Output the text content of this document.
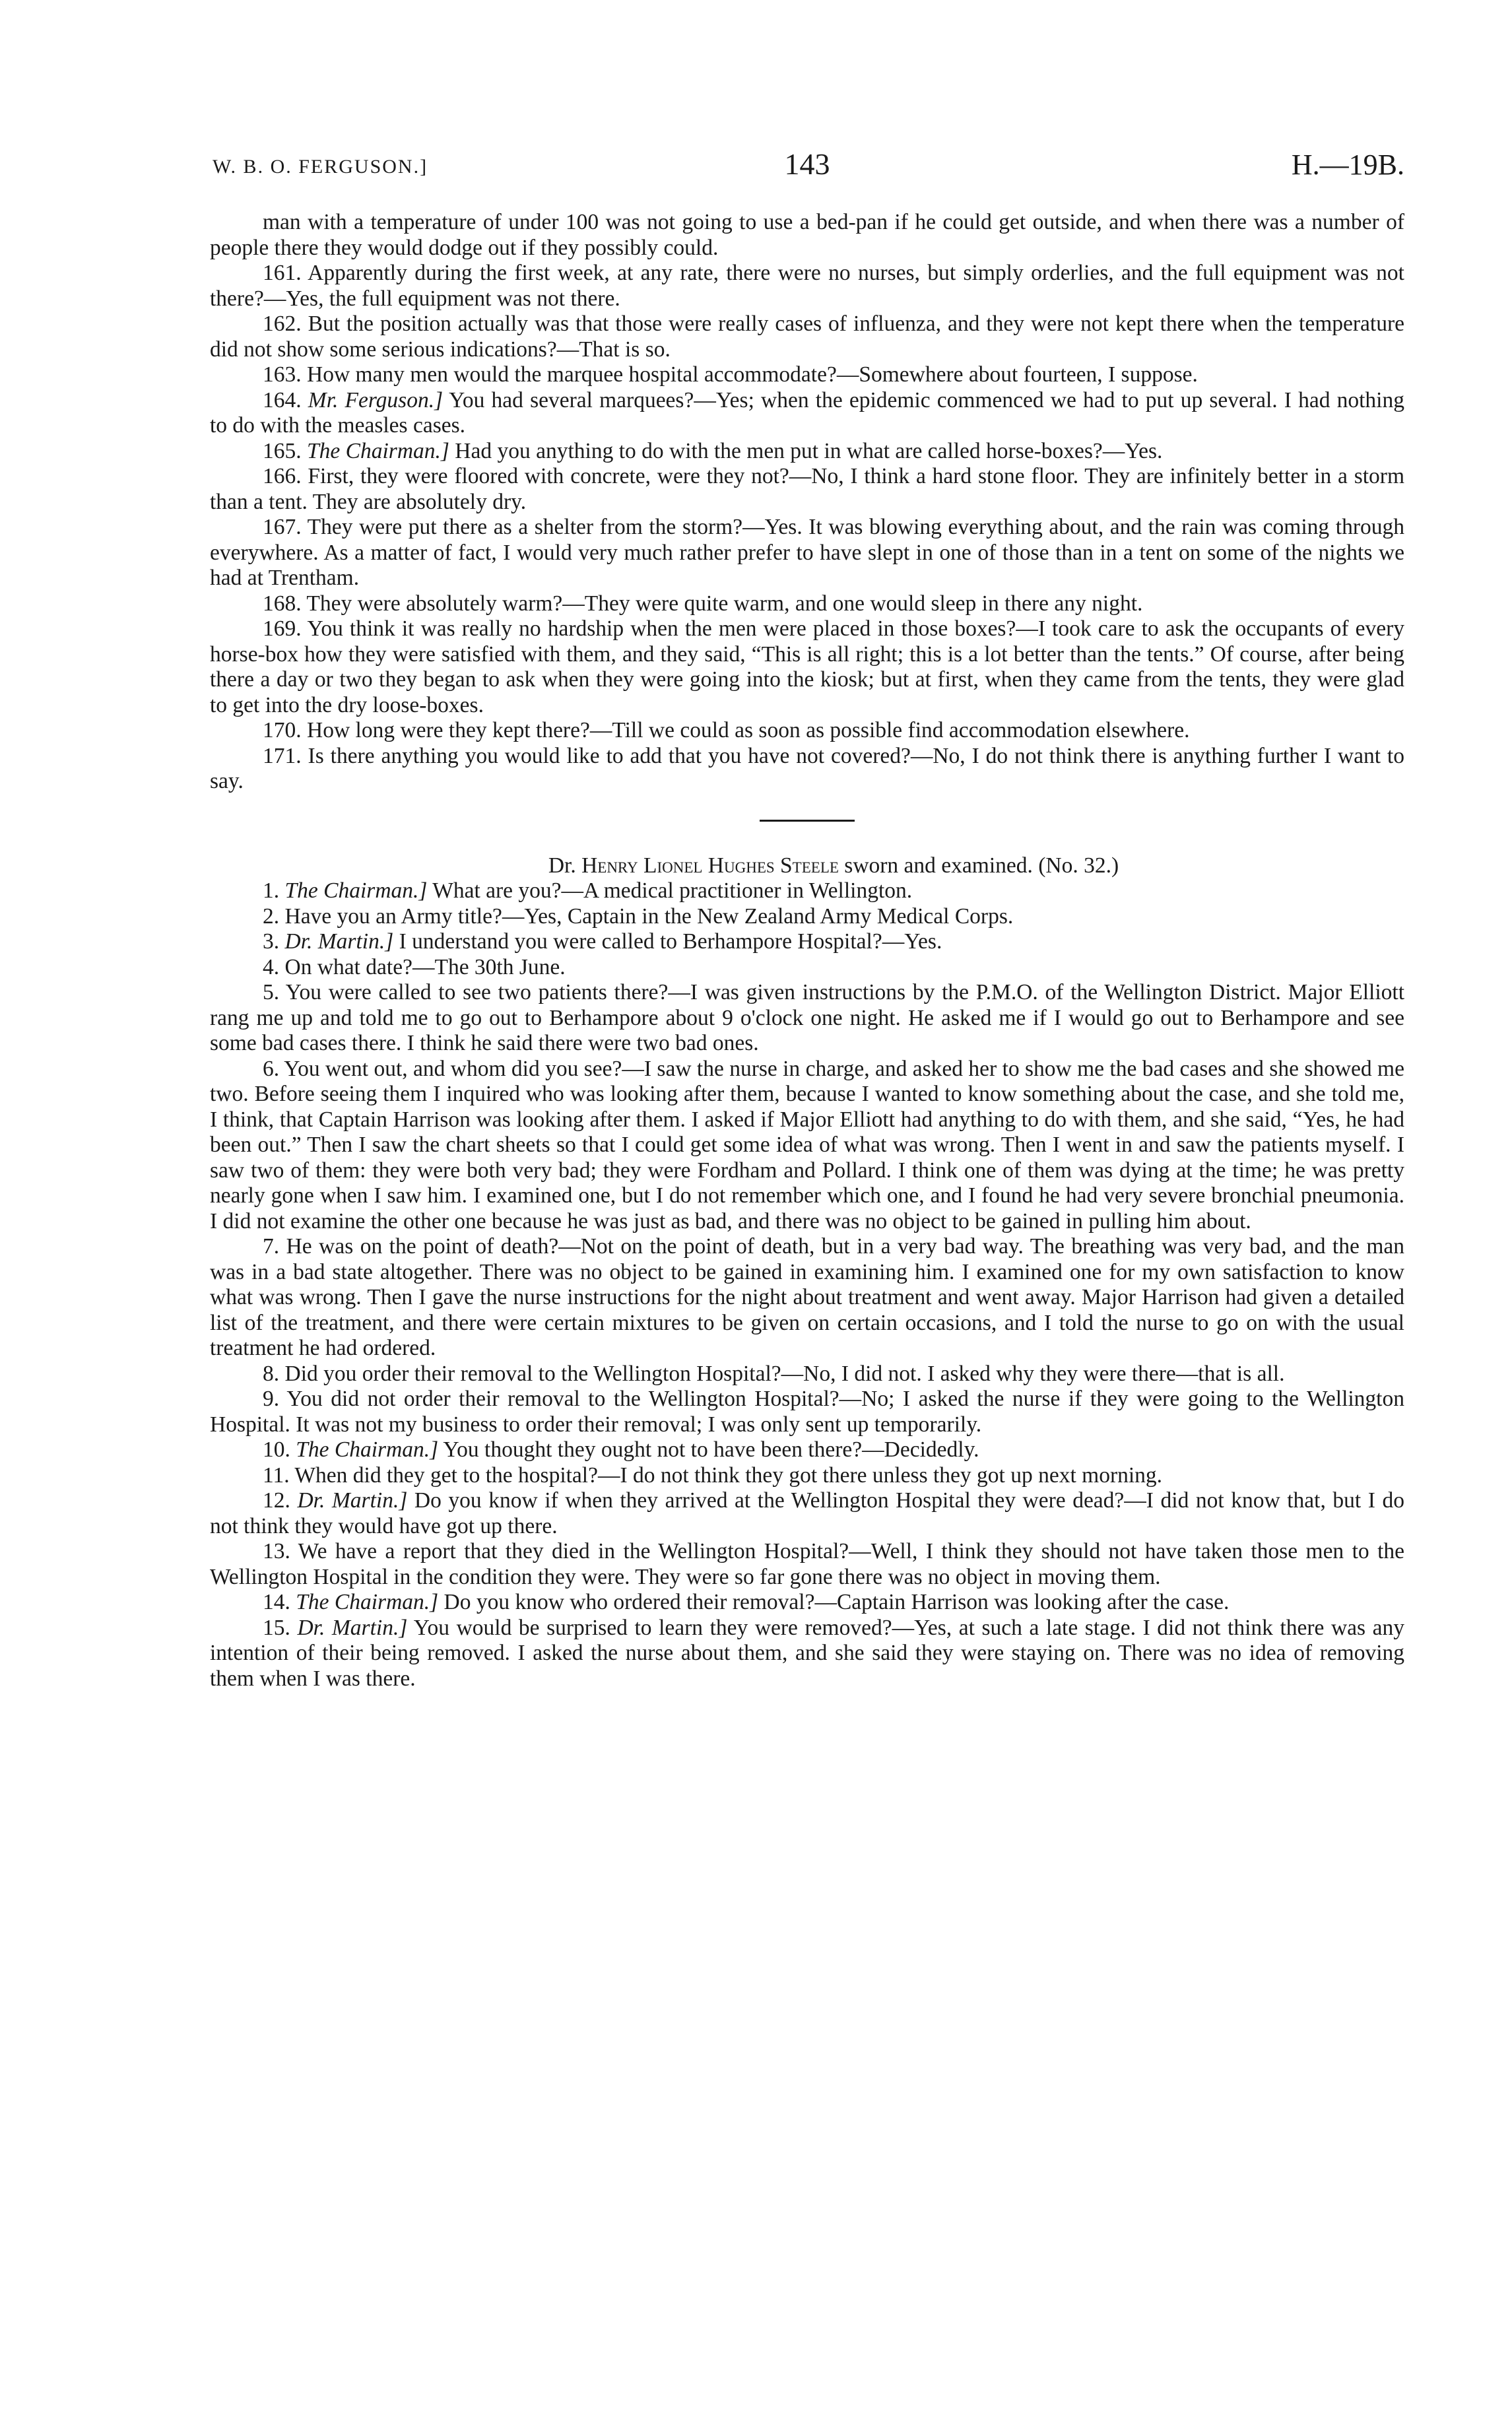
W. B. O. FERGUSON.]	143	H.—19B.

man with a temperature of under 100 was not going to use a bed-pan if he could get outside, and when there was a number of people there they would dodge out if they possibly could.

161. Apparently during the first week, at any rate, there were no nurses, but simply orderlies, and the full equipment was not there?—Yes, the full equipment was not there.

162. But the position actually was that those were really cases of influenza, and they were not kept there when the temperature did not show some serious indications?—That is so.

163. How many men would the marquee hospital accommodate?—Somewhere about fourteen, I suppose.

164. Mr. Ferguson.] You had several marquees?—Yes; when the epidemic commenced we had to put up several. I had nothing to do with the measles cases.

165. The Chairman.] Had you anything to do with the men put in what are called horse-boxes?—Yes.

166. First, they were floored with concrete, were they not?—No, I think a hard stone floor. They are infinitely better in a storm than a tent. They are absolutely dry.

167. They were put there as a shelter from the storm?—Yes. It was blowing everything about, and the rain was coming through everywhere. As a matter of fact, I would very much rather prefer to have slept in one of those than in a tent on some of the nights we had at Trentham.

168. They were absolutely warm?—They were quite warm, and one would sleep in there any night.

169. You think it was really no hardship when the men were placed in those boxes?—I took care to ask the occupants of every horse-box how they were satisfied with them, and they said, “This is all right; this is a lot better than the tents.” Of course, after being there a day or two they began to ask when they were going into the kiosk; but at first, when they came from the tents, they were glad to get into the dry loose-boxes.

170. How long were they kept there?—Till we could as soon as possible find accommodation elsewhere.

171. Is there anything you would like to add that you have not covered?—No, I do not think there is anything further I want to say.

Dr. Henry Lionel Hughes Steele sworn and examined. (No. 32.)

1. The Chairman.] What are you?—A medical practitioner in Wellington.

2. Have you an Army title?—Yes, Captain in the New Zealand Army Medical Corps.

3. Dr. Martin.] I understand you were called to Berhampore Hospital?—Yes.

4. On what date?—The 30th June.

5. You were called to see two patients there?—I was given instructions by the P.M.O. of the Wellington District. Major Elliott rang me up and told me to go out to Berhampore about 9 o'clock one night. He asked me if I would go out to Berhampore and see some bad cases there. I think he said there were two bad ones.

6. You went out, and whom did you see?—I saw the nurse in charge, and asked her to show me the bad cases and she showed me two. Before seeing them I inquired who was looking after them, because I wanted to know something about the case, and she told me, I think, that Captain Harrison was looking after them. I asked if Major Elliott had anything to do with them, and she said, “Yes, he had been out.” Then I saw the chart sheets so that I could get some idea of what was wrong. Then I went in and saw the patients myself. I saw two of them: they were both very bad; they were Fordham and Pollard. I think one of them was dying at the time; he was pretty nearly gone when I saw him. I examined one, but I do not remember which one, and I found he had very severe bronchial pneumonia. I did not examine the other one because he was just as bad, and there was no object to be gained in pulling him about.

7. He was on the point of death?—Not on the point of death, but in a very bad way. The breathing was very bad, and the man was in a bad state altogether. There was no object to be gained in examining him. I examined one for my own satisfaction to know what was wrong. Then I gave the nurse instructions for the night about treatment and went away. Major Harrison had given a detailed list of the treatment, and there were certain mixtures to be given on certain occasions, and I told the nurse to go on with the usual treatment he had ordered.

8. Did you order their removal to the Wellington Hospital?—No, I did not. I asked why they were there—that is all.

9. You did not order their removal to the Wellington Hospital?—No; I asked the nurse if they were going to the Wellington Hospital. It was not my business to order their removal; I was only sent up temporarily.

10. The Chairman.] You thought they ought not to have been there?—Decidedly.

11. When did they get to the hospital?—I do not think they got there unless they got up next morning.

12. Dr. Martin.] Do you know if when they arrived at the Wellington Hospital they were dead?—I did not know that, but I do not think they would have got up there.

13. We have a report that they died in the Wellington Hospital?—Well, I think they should not have taken those men to the Wellington Hospital in the condition they were. They were so far gone there was no object in moving them.

14. The Chairman.] Do you know who ordered their removal?—Captain Harrison was looking after the case.

15. Dr. Martin.] You would be surprised to learn they were removed?—Yes, at such a late stage. I did not think there was any intention of their being removed. I asked the nurse about them, and she said they were staying on. There was no idea of removing them when I was there.
